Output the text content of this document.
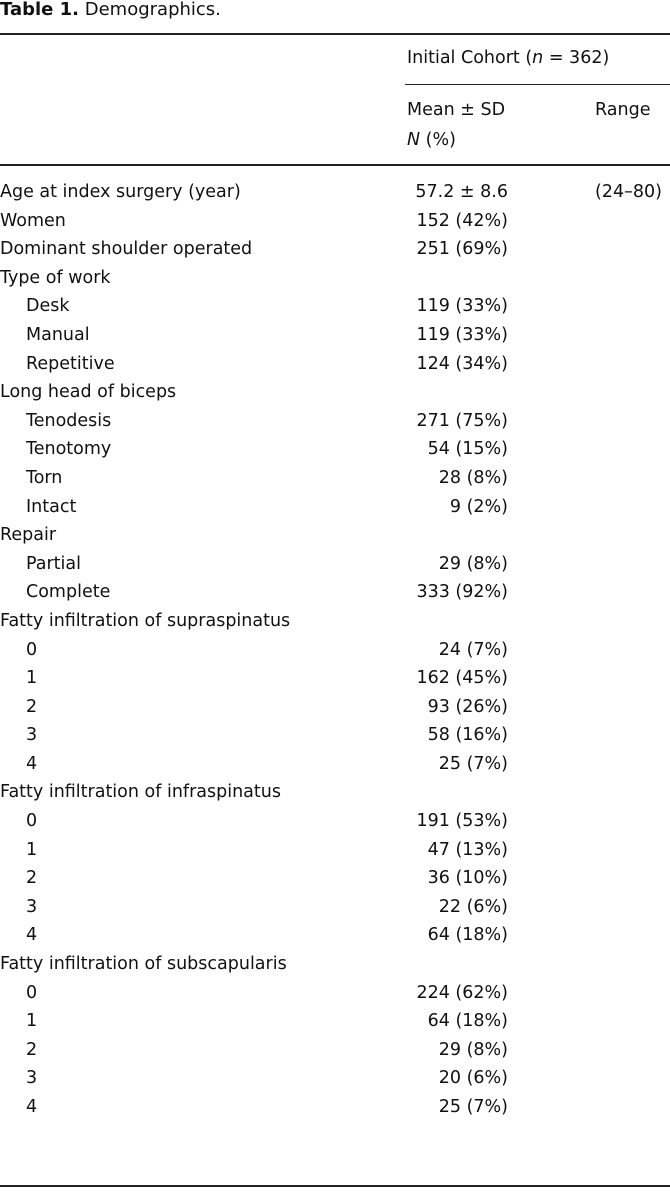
Table 1. Demographics.
Initial Cohort (n = 362)
Mean ± SD
N (%)
Range
Age at index surgery (year)	57.2 ± 8.6	(24–80)
Women	152 (42%)
Dominant shoulder operated	251 (69%)
Type of work
Desk	119 (33%)
Manual	119 (33%)
Repetitive	124 (34%)
Long head of biceps
Tenodesis	271 (75%)
Tenotomy	54 (15%)
Torn	28 (8%)
Intact	9 (2%)
Repair
Partial	29 (8%)
Complete	333 (92%)
Fatty infiltration of supraspinatus
0	24 (7%)
1	162 (45%)
2	93 (26%)
3	58 (16%)
4	25 (7%)
Fatty infiltration of infraspinatus
0	191 (53%)
1	47 (13%)
2	36 (10%)
3	22 (6%)
4	64 (18%)
Fatty infiltration of subscapularis
0	224 (62%)
1	64 (18%)
2	29 (8%)
3	20 (6%)
4	25 (7%)
